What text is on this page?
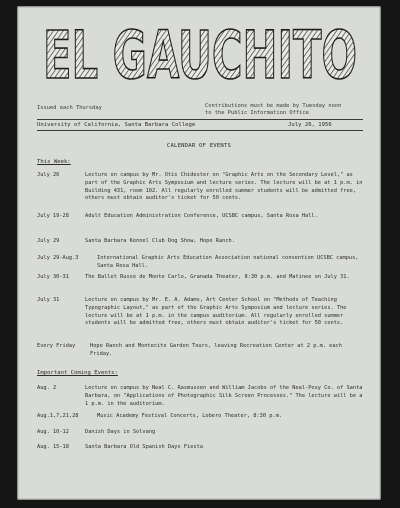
EL GAUCHITO
Issued each Thursday	Contributions must be made by Tuesday noon
to the Public Information Office
University of California, Santa Barbara College	July 26, 1956
CALENDAR OF EVENTS
This Week:
July 26	Lecture on campus by Mr. Otis Chidester on "Graphic Arts on the Secondary Level," as part of the Graphic Arts Symposium and lecture series. The lecture will be at 1 p.m. in Building 431, room 102. All regularly enrolled summer students will be admitted free, others must obtain auditor's ticket for 50 cents.
July 19-28	Adult Education Administration Conference, UCSBC campus, Santa Rosa Hall.
July 29	Santa Barbara Kennel Club Dog Show, Hope Ranch.
July 29-Aug.3	International Graphic Arts Education Association national convention UCSBC campus, Santa Rosa Hall.
July 30-31	The Ballet Russe de Monte Carlo, Granada Theater, 8:30 p.m. and Matinee on July 31.
July 31	Lecture on campus by Mr. E. A. Adams, Art Center School on "Methods of Teaching Typographic Layout," as part of the Graphic Arts Symposium and lecture series. The lecture will be at 1 p.m. in the campus auditorium. All regularly enrolled summer students will be admitted free, others must obtain auditor's ticket for 50 cents.
Every Friday	Hope Ranch and Montecito Garden Tours, leaving Recreation Center at 2 p.m. each Friday.
Important Coming Events:
Aug. 2	Lecture on campus by Neal C. Rasmussen and William Jacobs of the Neal-Posy Co. of Santa Barbara, on "Applications of Photographic Silk Screen Processes." The lecture will be a 1 p.m. in the auditorium.
Aug.1,7,21,28	Music Academy Festival Concerts, Lobero Theater, 8:30 p.m.
Aug. 10-12	Danish Days in Solvang
Aug. 15-18	Santa Barbara Old Spanish Days Fiesta
